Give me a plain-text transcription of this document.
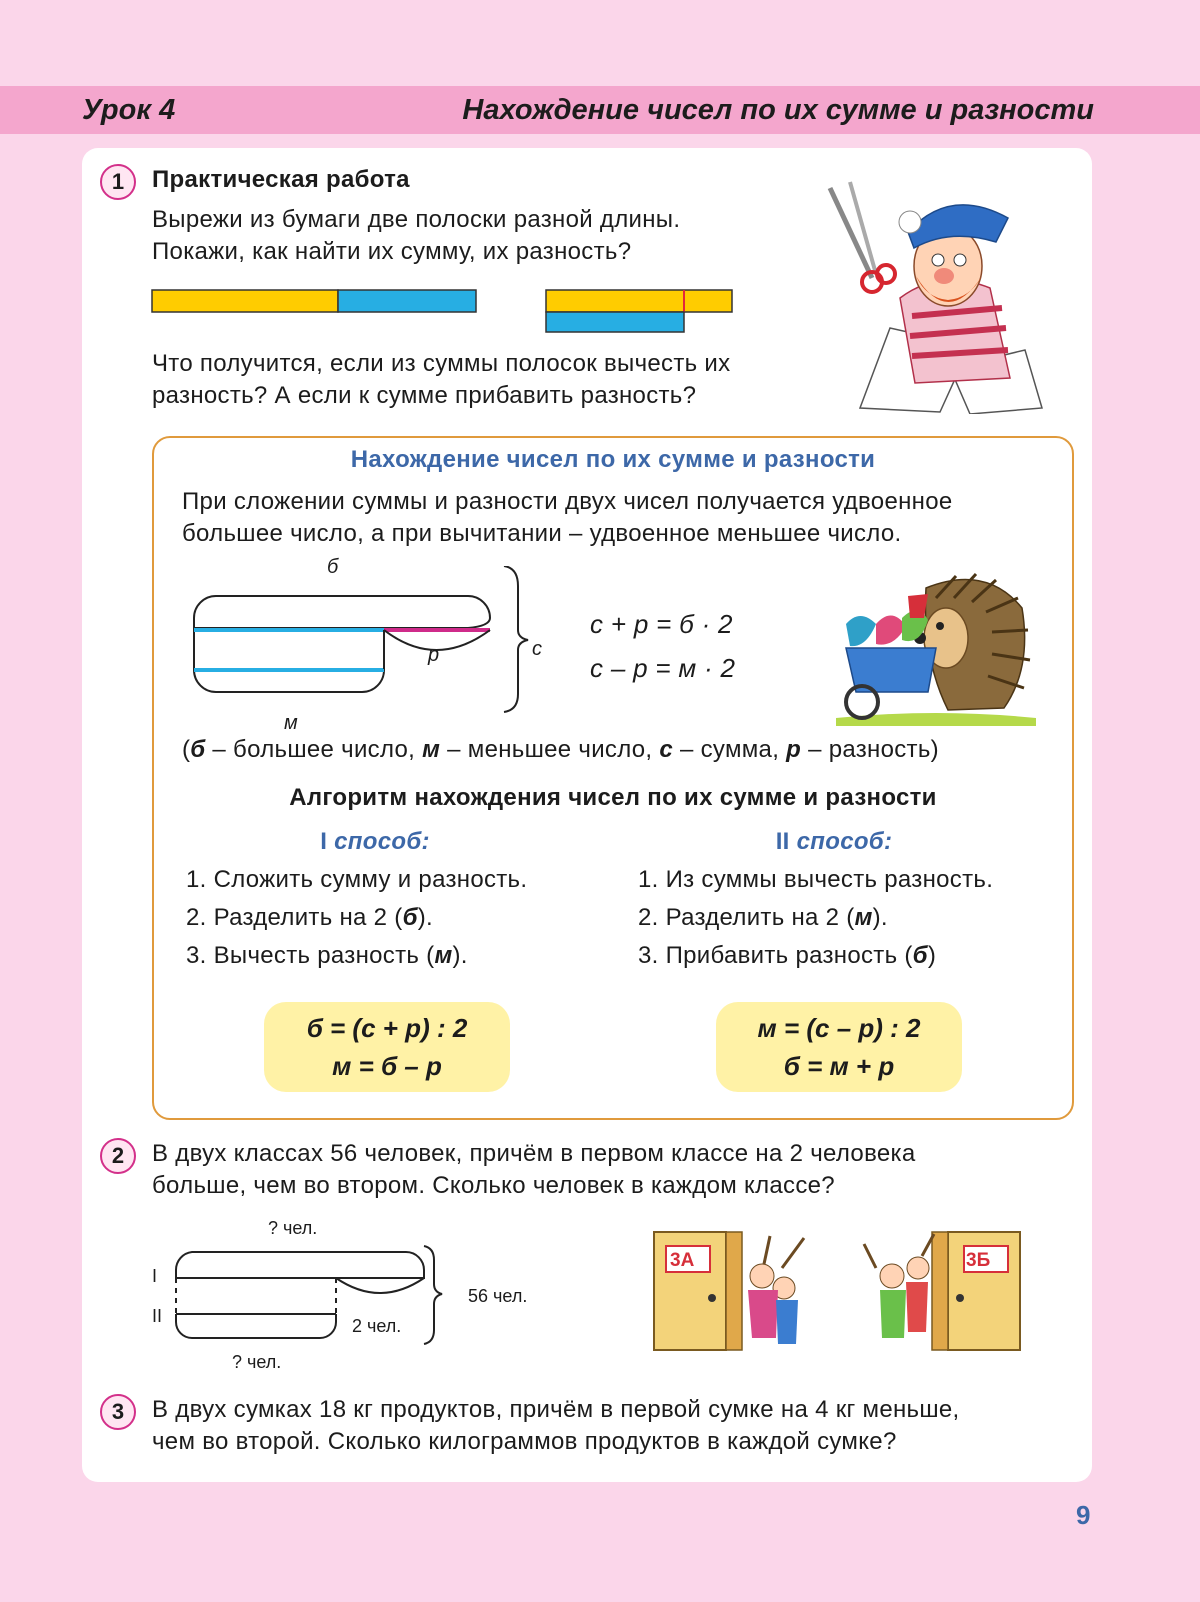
Урок 4	Нахождение чисел по их сумме и разности
1	Практическая работа
Вырежи из бумаги две полоски разной длины.
Покажи, как найти их сумму, их разность?
Что получится, если из суммы полосок вычесть их
разность? А если к сумме прибавить разность?
Нахождение чисел по их сумме и разности
При сложении суммы и разности двух чисел получается удвоенное
большее число, а при вычитании – удвоенное меньшее число.
б
р
м
с
с + р = б · 2
с – р = м · 2
(б – большее число, м – меньшее число, с – сумма, р – разность)
Алгоритм нахождения чисел по их сумме и разности
I способ:
1. Сложить сумму и разность.
2. Разделить на 2 (б).
3. Вычесть разность (м).
б = (с + р) : 2
м = б – р
II способ:
1. Из суммы вычесть разность.
2. Разделить на 2 (м).
3. Прибавить разность (б)
м = (с – р) : 2
б = м + р
2	В двух классах 56 человек, причём в первом классе на 2 человека
больше, чем во втором. Сколько человек в каждом классе?
? чел.
I
II	2 чел.
56 чел.
? чел.
3А	3Б
3	В двух сумках 18 кг продуктов, причём в первой сумке на 4 кг меньше,
чем во второй. Сколько килограммов продуктов в каждой сумке?
9
